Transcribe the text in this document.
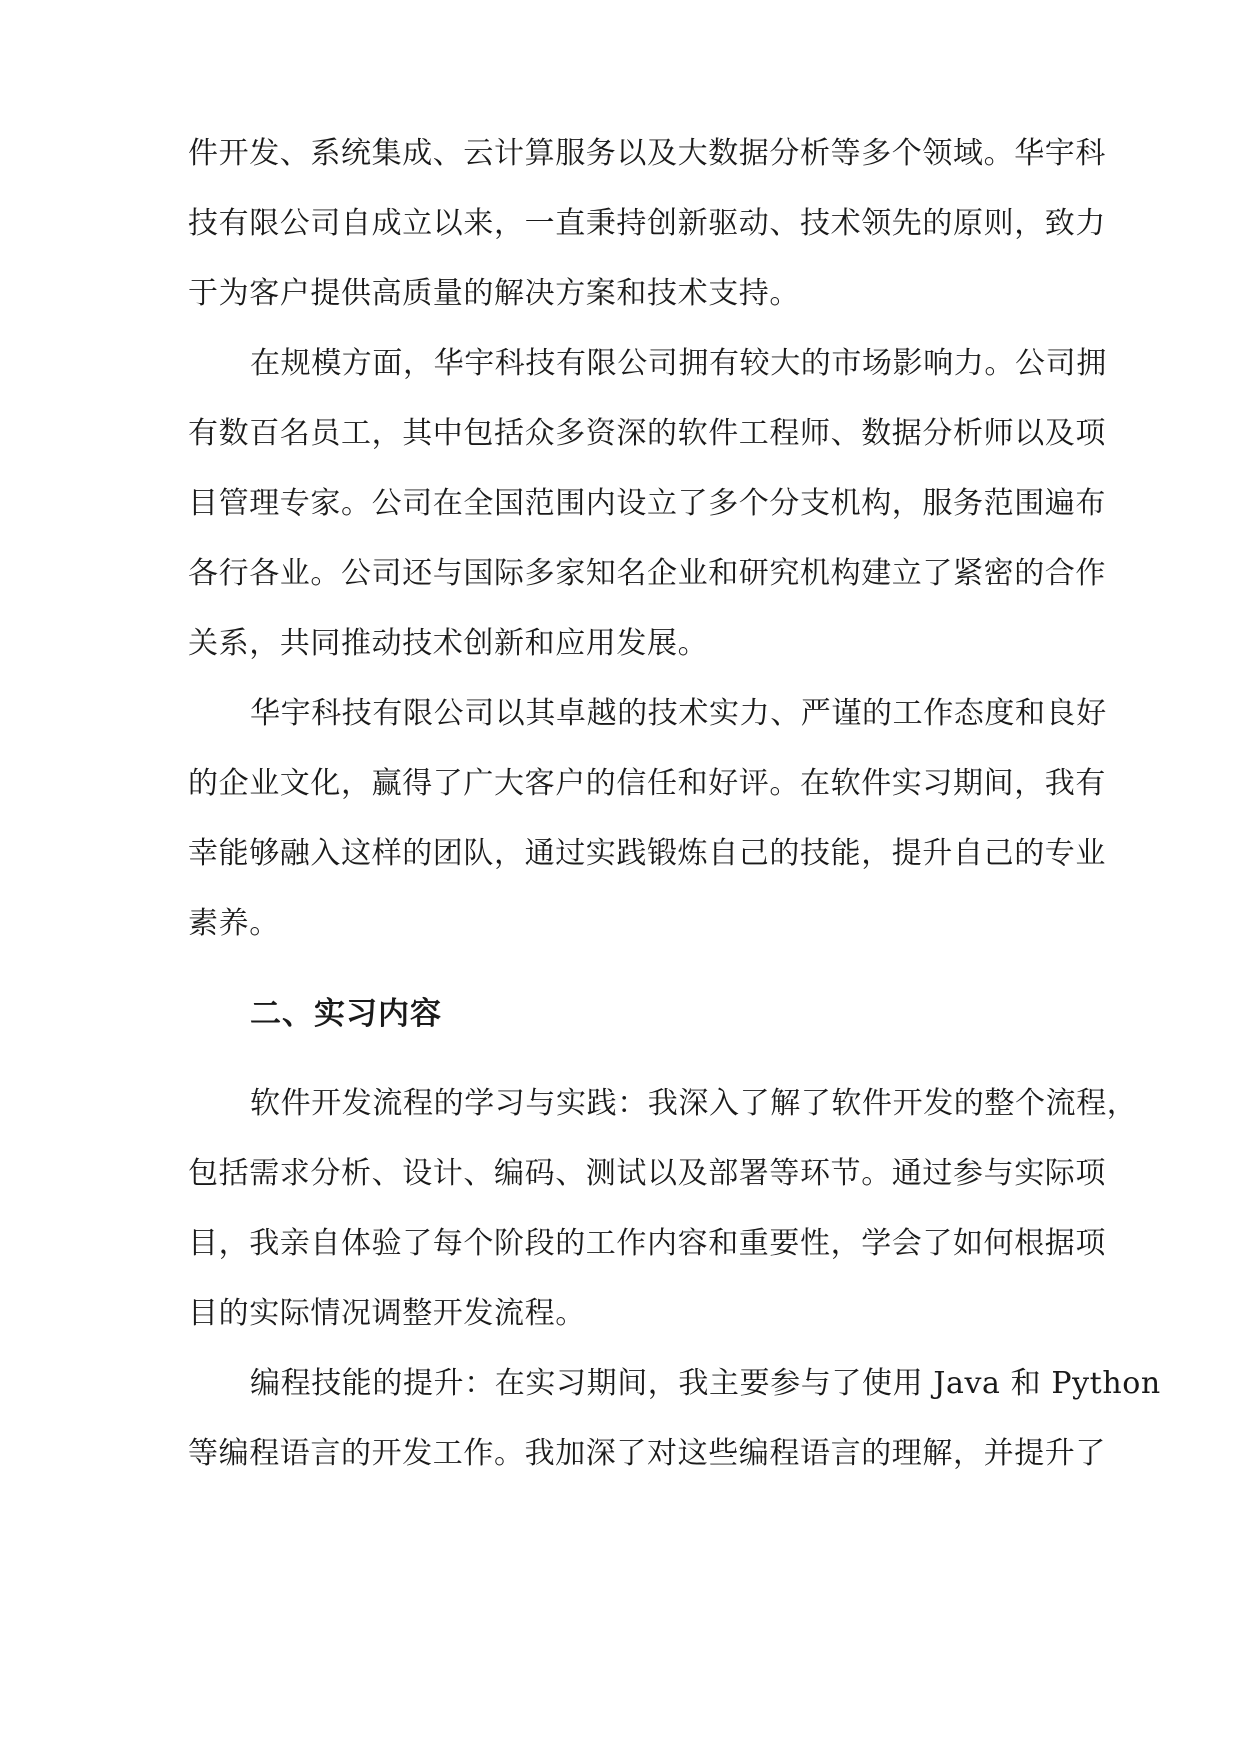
件开发、系统集成、云计算服务以及大数据分析等多个领域。华宇科
技有限公司自成立以来，一直秉持创新驱动、技术领先的原则，致力
于为客户提供高质量的解决方案和技术支持。
在规模方面，华宇科技有限公司拥有较大的市场影响力。公司拥
有数百名员工，其中包括众多资深的软件工程师、数据分析师以及项
目管理专家。公司在全国范围内设立了多个分支机构，服务范围遍布
各行各业。公司还与国际多家知名企业和研究机构建立了紧密的合作
关系，共同推动技术创新和应用发展。
华宇科技有限公司以其卓越的技术实力、严谨的工作态度和良好
的企业文化，赢得了广大客户的信任和好评。在软件实习期间，我有
幸能够融入这样的团队，通过实践锻炼自己的技能，提升自己的专业
素养。
二、实习内容
软件开发流程的学习与实践：我深入了解了软件开发的整个流程，
包括需求分析、设计、编码、测试以及部署等环节。通过参与实际项
目，我亲自体验了每个阶段的工作内容和重要性，学会了如何根据项
目的实际情况调整开发流程。
编程技能的提升：在实习期间，我主要参与了使用 Java 和 Python
等编程语言的开发工作。我加深了对这些编程语言的理解，并提升了
